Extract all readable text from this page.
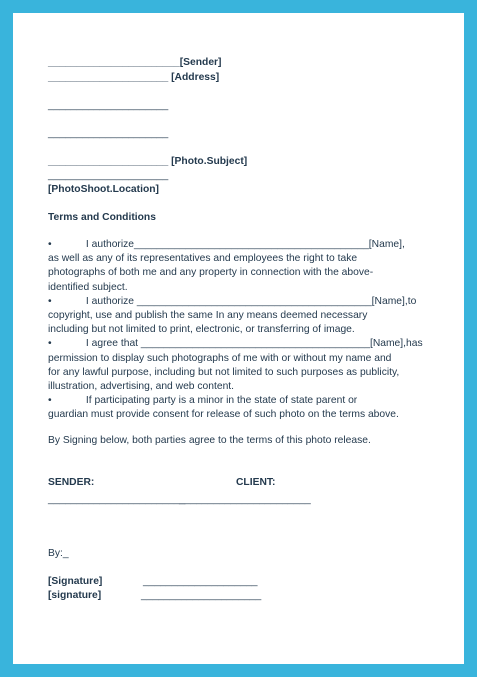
_______________________[Sender]
_____________________ [Address]
_____________________
_____________________
_____________________ [Photo.Subject]
_____________________
[PhotoShoot.Location]
Terms and Conditions
•            I authorize_________________________________________[Name],
as well as any of its representatives and employees the right to take
photographs of both me and any property in connection with the above-
identified subject.
•            I authorize _________________________________________[Name],to
copyright, use and publish the same In any means deemed necessary
including but not limited to print, electronic, or transferring of image.
•            I agree that ________________________________________[Name],has
permission to display such photographs of me with or without my name and
for any lawful purpose, including but not limited to such purposes as publicity,
illustration, advertising, and web content.
•            If participating party is a minor in the state of state parent or
guardian must provide consent for release of such photo on the terms above.
By Signing below, both parties agree to the terms of this photo release.
SENDER:	CLIENT:
________________________
_______________________
By:_
[Signature]	____________________
[signature]	_____________________
